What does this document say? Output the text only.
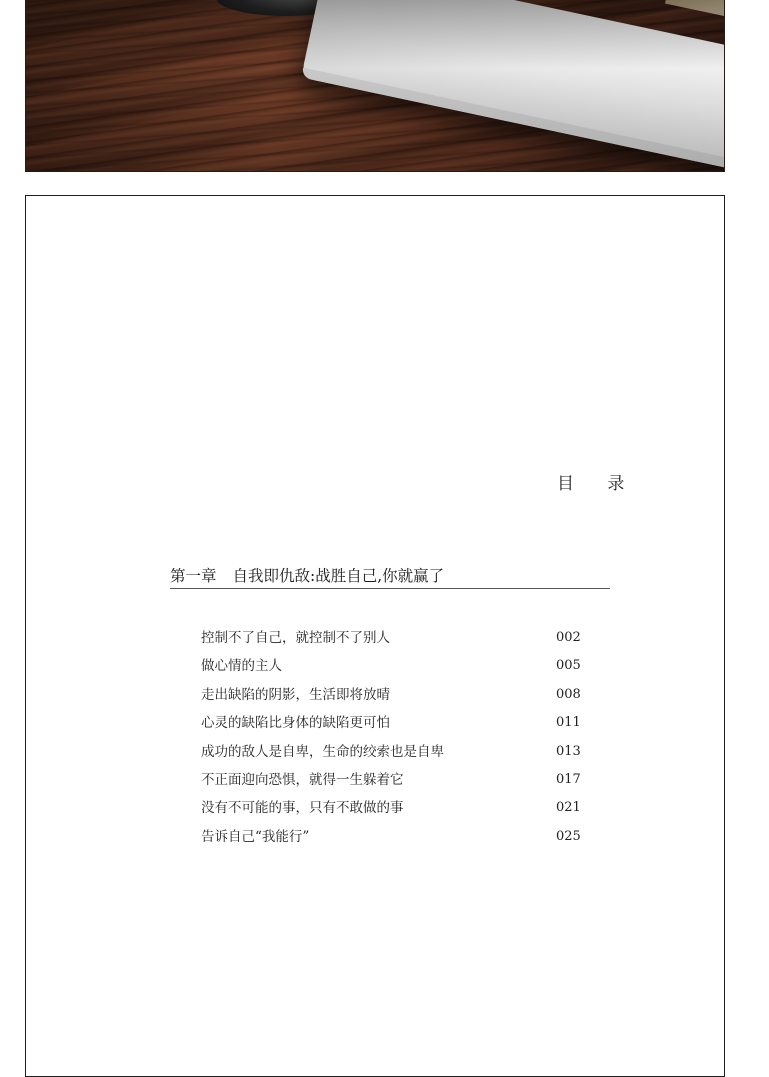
目 录
第一章 自我即仇敌:战胜自己,你就赢了
控制不了自己，就控制不了别人	002
做心情的主人	005
走出缺陷的阴影，生活即将放晴	008
心灵的缺陷比身体的缺陷更可怕	011
成功的敌人是自卑，生命的绞索也是自卑	013
不正面迎向恐惧，就得一生躲着它	017
没有不可能的事，只有不敢做的事	021
告诉自己“我能行”	025
